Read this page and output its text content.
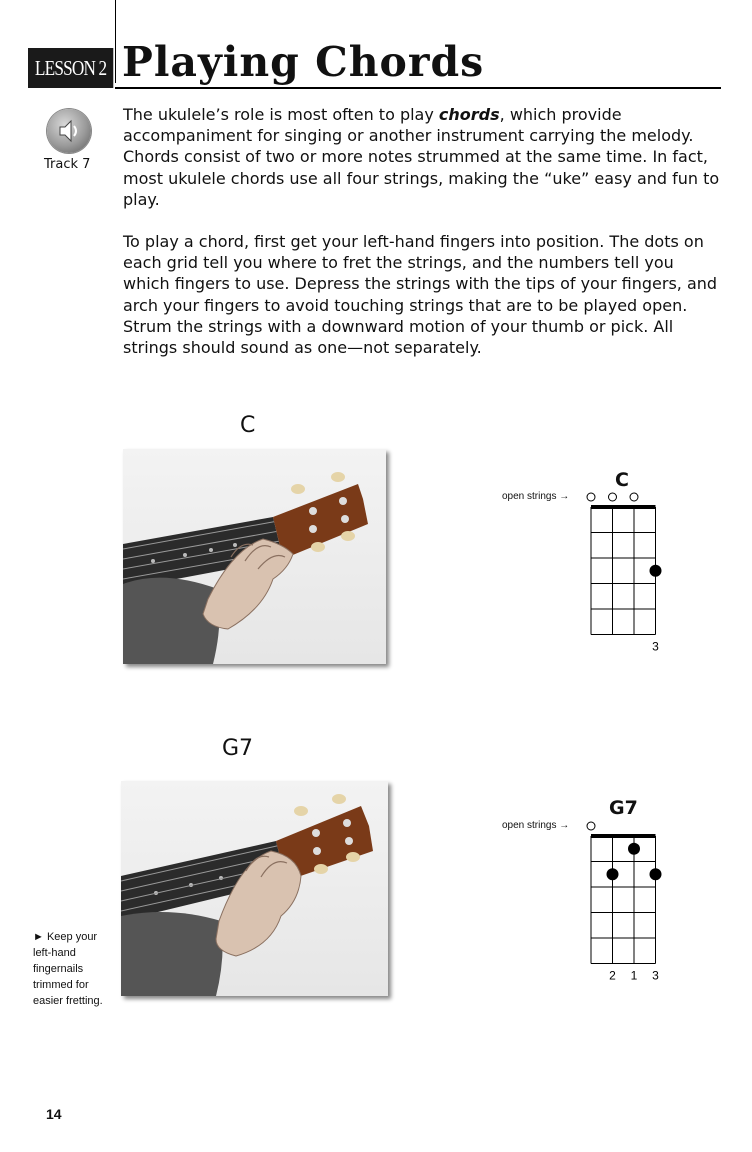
LESSON 2 Playing Chords
Track 7
The ukulele’s role is most often to play chords, which provide accompaniment for singing or another instrument carrying the melody. Chords consist of two or more notes strummed at the same time. In fact, most ukulele chords use all four strings, making the “uke” easy and fun to play.
To play a chord, first get your left-hand fingers into position. The dots on each grid tell you where to fret the strings, and the numbers tell you which fingers to use. Depress the strings with the tips of your fingers, and arch your fingers to avoid touching strings that are to be played open. Strum the strings with a downward motion of your thumb or pick. All strings should sound as one—not separately.
C
C
open strings →
3
G7
G7
open strings →
2 1 3
► Keep your left-hand fingernails trimmed for easier fretting.
14
